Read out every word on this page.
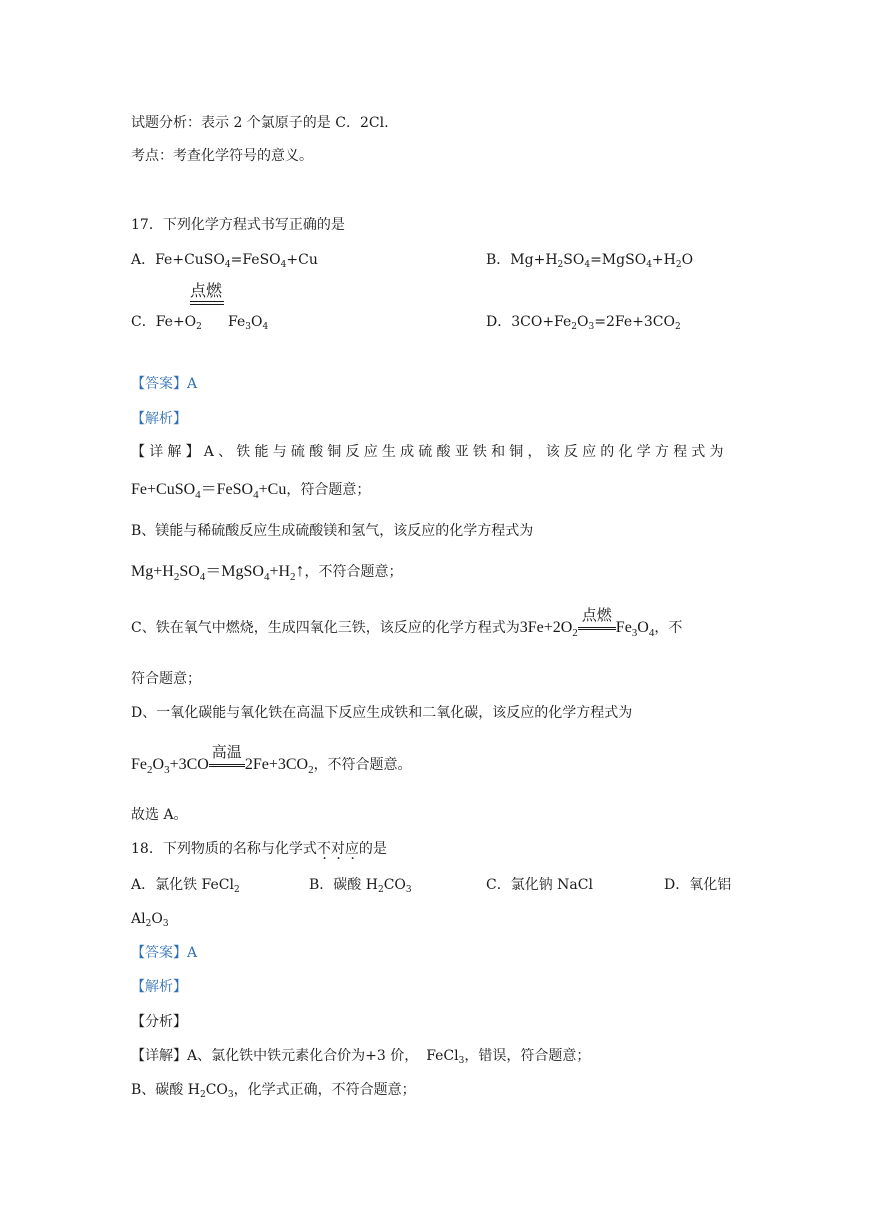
试题分析：表示 2 个氯原子的是 C．2Cl.
考点：考查化学符号的意义。
17．下列化学方程式书写正确的是
A．Fe+CuSO$_4$=FeSO$_4$+Cu	B．$Mg+H_2SO_4=MgSO_4+H_2O$
点燃
C．$Fe+O_2$ $Fe_3O_4$	D．$3CO+Fe_2O_3=2Fe+3CO_2$
【答案】A
【解析】
【详解】A、铁能与硫酸铜反应生成硫酸亚铁和铜，该反应的化学方程式为
Fe+CuSO$_4$＝FeSO$_4$+Cu，符合题意；
B、镁能与稀硫酸反应生成硫酸镁和氢气，该反应的化学方程式为
$Mg+H_2SO_4=MgSO_4+H_2↑$，不符合题意；
C、铁在氧气中燃烧，生成四氧化三铁，该反应的化学方程式为$3Fe+2O_2$
点燃
$Fe_3O_4$，不
符合题意；
D、一氧化碳能与氧化铁在高温下反应生成铁和二氧化碳，该反应的化学方程式为
$Fe_2O_3+3CO$
高温
$2Fe+3CO_2$，不符合题意。
故选 A。
18．下列物质的名称与化学式不对应的是
A．氯化铁 FeCl$_2$	B．碳酸 $H_2CO_3$	C．氯化钠 NaCl	D．氧化铝
$Al_2O_3$
【答案】A
【解析】
【分析】
【详解】A、氯化铁中铁元素化合价为+3 价， FeCl$_3$，错误，符合题意；
B、碳酸 $H_2CO_3$，化学式正确，不符合题意；
